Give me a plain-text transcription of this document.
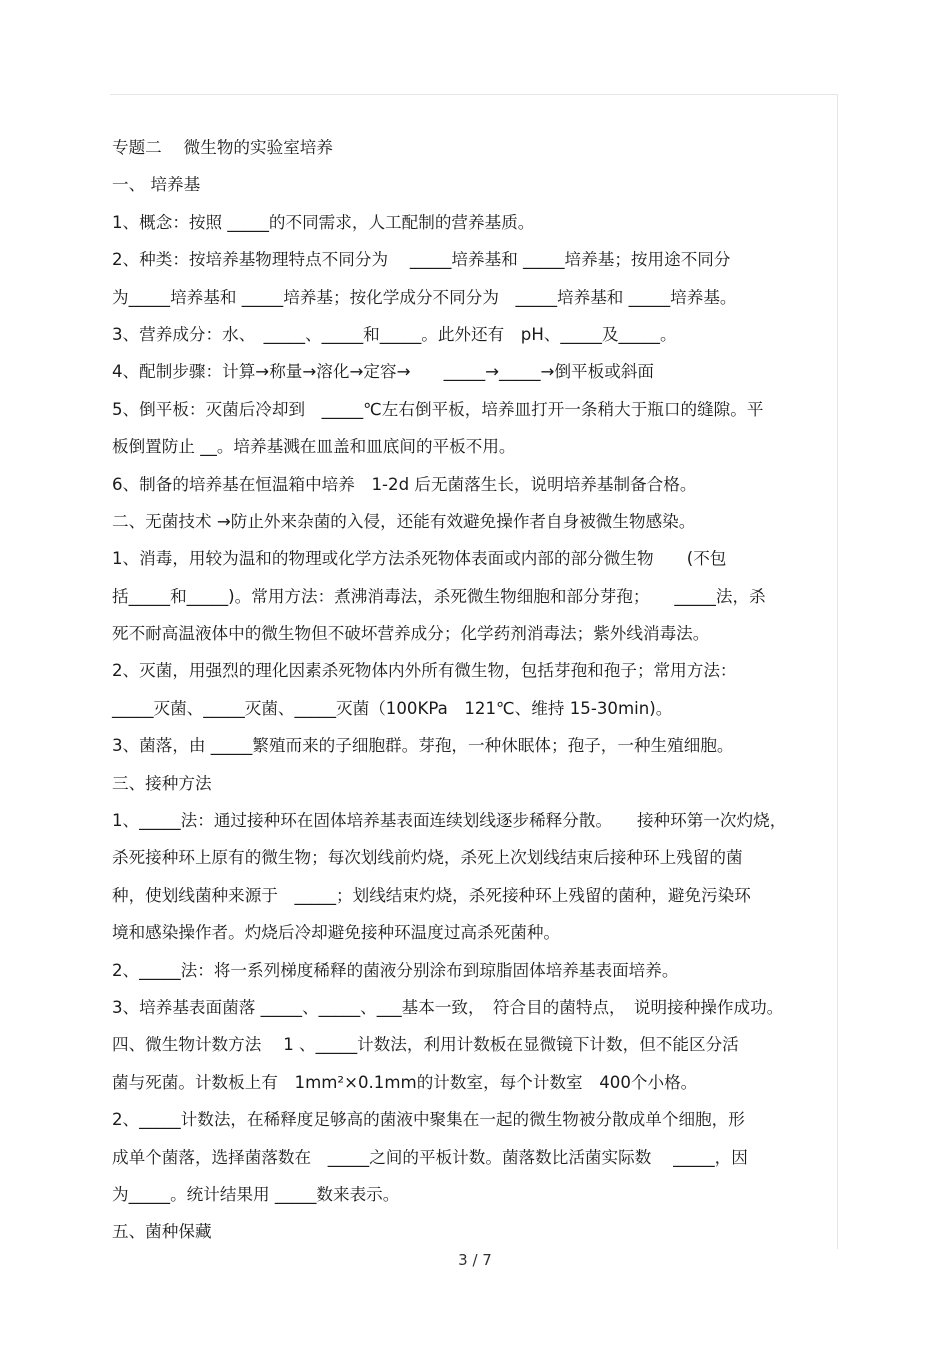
专题二 　微生物的实验室培养
一、 培养基
1、概念：按照 _____的不同需求，人工配制的营养基质。
2、种类：按培养基物理特点不同分为　 _____培养基和 _____培养基；按用途不同分
为_____培养基和 _____培养基；按化学成分不同分为　_____培养基和 _____培养基。
3、营养成分：水、　_____、_____和_____。此外还有　pH、_____及_____。
4、配制步骤：计算→称量→溶化→定容→　　_____→_____→倒平板或斜面
5、倒平板：灭菌后冷却到　_____℃左右倒平板，培养皿打开一条稍大于瓶口的缝隙。平
板倒置防止 __。培养基溅在皿盖和皿底间的平板不用。
6、制备的培养基在恒温箱中培养　1-2d 后无菌落生长，说明培养基制备合格。
二、无菌技术 →防止外来杂菌的入侵，还能有效避免操作者自身被微生物感染。
1、消毒，用较为温和的物理或化学方法杀死物体表面或内部的部分微生物　　(不包
括_____和_____)。常用方法：煮沸消毒法，杀死微生物细胞和部分芽孢；　　_____法，杀
死不耐高温液体中的微生物但不破坏营养成分；化学药剂消毒法；紫外线消毒法。
2、灭菌，用强烈的理化因素杀死物体内外所有微生物，包括芽孢和孢子；常用方法：
_____灭菌、_____灭菌、_____灭菌（100KPa　121℃、维持 15-30min)。
3、菌落，由 _____繁殖而来的子细胞群。芽孢，一种休眠体；孢子，一种生殖细胞。
三、接种方法
1、_____法：通过接种环在固体培养基表面连续划线逐步稀释分散。　　接种环第一次灼烧，
杀死接种环上原有的微生物；每次划线前灼烧，杀死上次划线结束后接种环上残留的菌
种，使划线菌种来源于　_____；划线结束灼烧，杀死接种环上残留的菌种，避免污染环
境和感染操作者。灼烧后冷却避免接种环温度过高杀死菌种。
2、_____法：将一系列梯度稀释的菌液分别涂布到琼脂固体培养基表面培养。
3、培养基表面菌落 _____、_____、___基本一致，　符合目的菌特点，　说明接种操作成功。
四、微生物计数方法　 1 、_____计数法，利用计数板在显微镜下计数，但不能区分活
菌与死菌。计数板上有　1mm²×0.1mm的计数室，每个计数室　400个小格。
2、_____计数法，在稀释度足够高的菌液中聚集在一起的微生物被分散成单个细胞，形
成单个菌落，选择菌落数在　_____之间的平板计数。菌落数比活菌实际数　 _____，因
为_____。统计结果用 _____数来表示。
五、菌种保藏
3 / 7
